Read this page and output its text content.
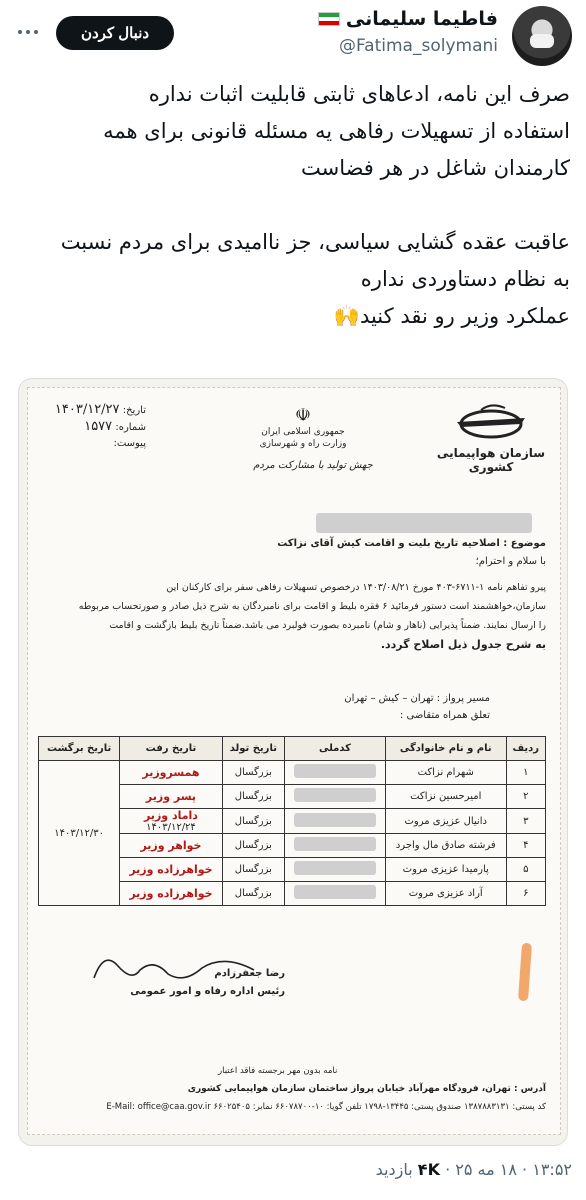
فاطیما سلیمانی
@Fatima_solymani
دنبال کردن

صرف این نامه، ادعاهای ثابتی قابلیت اثبات نداره

استفاده از تسهیلات رفاهی یه مسئله قانونی برای همه

کارمندان شاغل در هر فضاست

عاقبت عقده گشایی سیاسی، جز ناامیدی برای مردم نسبت

به نظام دستاوردی نداره

عملکرد وزیر رو نقد کنید🙌

سازمان هواپیمایی کشوری
☫
جمهوری اسلامی ایران
وزارت راه و شهرسازی
جهش تولید با مشارکت مردم
تاریخ: ۱۴۰۳/۱۲/۲۷
شماره: ۱۵۷۷
پیوست:
موضوع : اصلاحیه تاریخ بلیت و اقامت کیش آقای نزاکت
با سلام و احترام؛
پیرو تفاهم نامه ۱-۶۷۱۱-۴۰۳ مورخ ۱۴۰۳/۰۸/۲۱ درخصوص تسهیلات رفاهی سفر برای کارکنان این
سازمان،خواهشمند است دستور فرمائید ۶ فقره بلیط و اقامت برای نامبردگان به شرح ذیل صادر و صورتحساب مربوطه
را ارسال نمایند. ضمناً پذیرایی (ناهار و شام) نامبرده بصورت فولبرد می باشد.ضمناً تاریخ بلیط بازگشت و اقامت
به شرح جدول ذیل اصلاح گردد.
مسیر پرواز : تهران – کیش – تهران
تعلق همراه متقاضی :
ردیف	نام و نام خانوادگی	کدملی	تاریخ تولد	تاریخ رفت	تاریخ برگشت
۱	شهرام نزاکت		بزرگسال	همسروزیر	۱۴۰۳/۱۲/۳۰
۲	امیرحسین نزاکت		بزرگسال	پسر وزیر	
۳	دانیال عزیزی مروت		بزرگسال	داماد وزیر
۱۴۰۳/۱۲/۲۴	

۴	فرشته صادق مال واجرد		بزرگسال	خواهر وزیر	
۵	پارمیدا عزیزی مروت		بزرگسال	خواهرزاده وزیر	
۶	آراد عزیزی مروت		بزرگسال	خواهرزاده وزیر	
رضا جعفرزادم
رئیس اداره رفاه و امور عمومی
نامه بدون مهر برجسته فاقد اعتبار
آدرس : تهران، فرودگاه مهرآباد خیابان پرواز ساختمان سازمان هواپیمایی کشوری
کد پستی: ۱۳۸۷۸۸۳۱۳۱ صندوق پستی: ۱۳۴۴۵-۱۷۹۸ تلفن گویا: ۱۰-۶۶۰۷۸۷۰۰ نمابر: ۶۶۰۲۵۴۰۵ E-Mail: office@caa.gov.ir
۱۳:۵۲ · ۱۸ مه ۲۵ · ۴K بازدید
